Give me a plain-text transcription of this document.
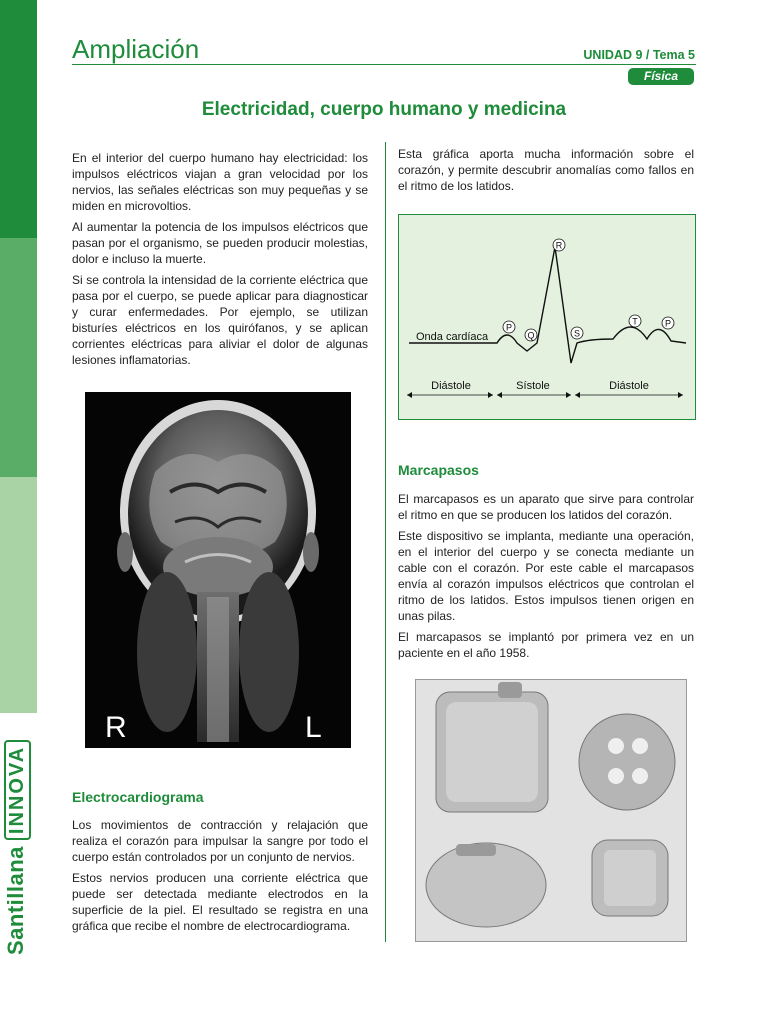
SantillanaINNOVA
Ampliación	UNIDAD 9 / Tema 5
Física
Electricidad, cuerpo humano y medicina

En el interior del cuerpo humano hay electricidad: los impulsos eléctricos viajan a gran velocidad por los nervios, las señales eléctricas son muy pequeñas y se miden en microvoltios.

Al aumentar la potencia de los impulsos eléctricos que pasan por el organismo, se pueden producir molestias, dolor e incluso la muerte.

Si se controla la intensidad de la corriente eléctrica que pasa por el cuerpo, se puede aplicar para diagnosticar y curar enfermedades. Por ejemplo, se utilizan bisturíes eléctricos en los quirófanos, y se aplican corrientes eléctricas para aliviar el dolor de algunas lesiones inflamatorias.

R	L
Electrocardiograma

Los movimientos de contracción y relajación que realiza el corazón para impulsar la sangre por todo el cuerpo están controlados por un conjunto de nervios.

Estos nervios producen una corriente eléctrica que puede ser detectada mediante electrodos en la superficie de la piel. El resultado se registra en una gráfica que recibe el nombre de electrocardiograma.

Esta gráfica aporta mucha información sobre el corazón, y permite descubrir anomalías como fallos en el ritmo de los latidos.

Onda cardíaca
P
Q
R
S
T	P
Diástole	Sístole	Diástole
Marcapasos

El marcapasos es un aparato que sirve para controlar el ritmo en que se producen los latidos del corazón.

Este dispositivo se implanta, mediante una operación, en el interior del cuerpo y se conecta mediante un cable con el corazón. Por este cable el marcapasos envía al corazón impulsos eléctricos que controlan el ritmo de los latidos. Estos impulsos tienen origen en unas pilas.

El marcapasos se implantó por primera vez en un paciente en el año 1958.
